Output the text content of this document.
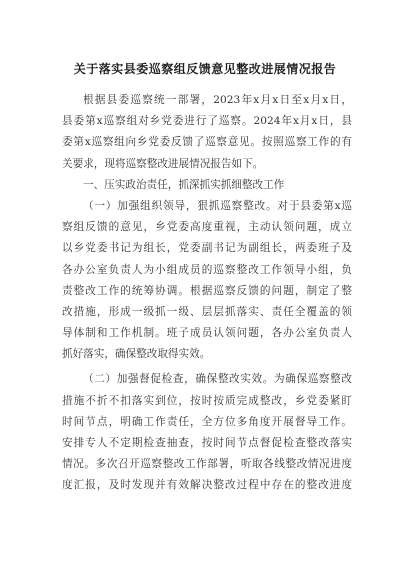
关于落实县委巡察组反馈意见整改进展情况报告
根据县委巡察统一部署，2023年x月x日至x月x日，
县委第x巡察组对乡党委进行了巡察。2024年x月x日，县
委第x巡察组向乡党委反馈了巡察意见。按照巡察工作的有
关要求，现将巡察整改进展情况报告如下。
一、压实政治责任，抓深抓实抓细整改工作
（一）加强组织领导，狠抓巡察整改。对于县委第x巡
察组反馈的意见，乡党委高度重视，主动认领问题，成立
以乡党委书记为组长，党委副书记为副组长，两委班子及
各办公室负责人为小组成员的巡察整改工作领导小组，负
责整改工作的统筹协调。根据巡察反馈的问题，制定了整
改措施，形成一级抓一级、层层抓落实、责任全覆盖的领
导体制和工作机制。班子成员认领问题，各办公室负责人
抓好落实，确保整改取得实效。
（二）加强督促检查，确保整改实效。为确保巡察整改
措施不折不扣落实到位，按时按质完成整改，乡党委紧盯
时间节点，明确工作责任，全方位多角度开展督导工作。
安排专人不定期检查抽查，按时间节点督促检查整改落实
情况。多次召开巡察整改工作部署，听取各线整改情况进度
度汇报，及时发现并有效解决整改过程中存在的整改进度
